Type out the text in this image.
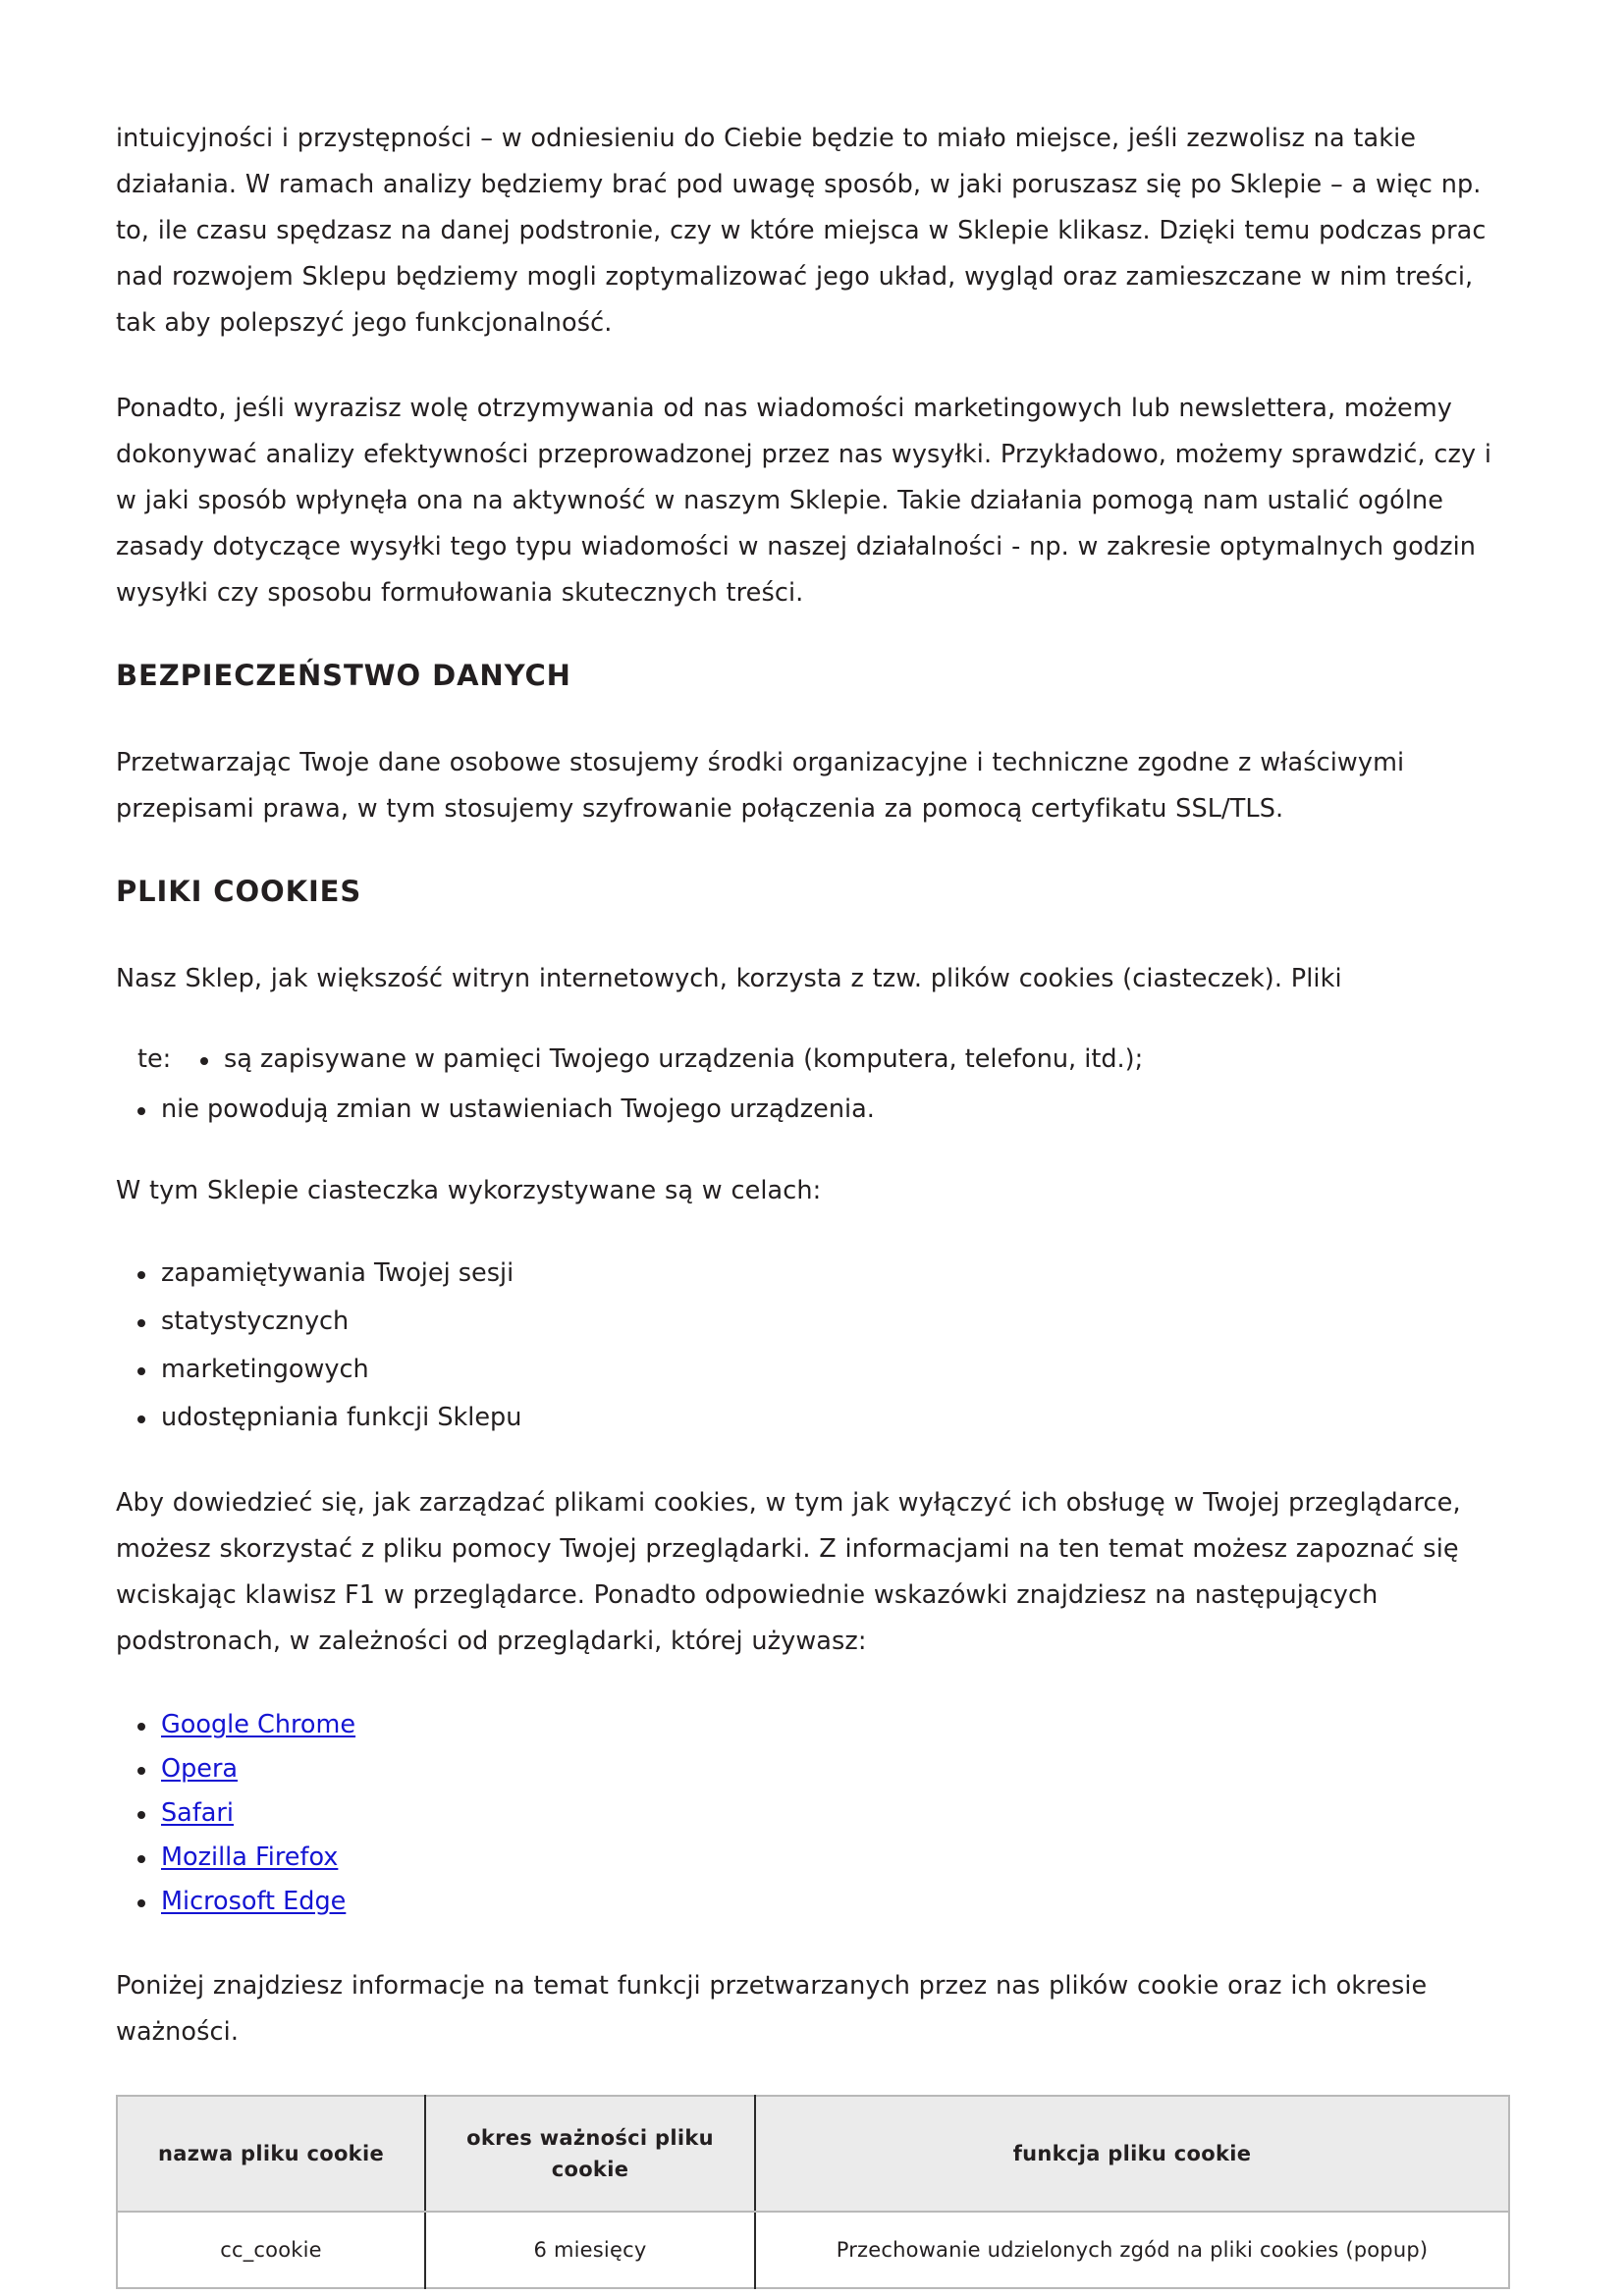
intuicyjności i przystępności – w odniesieniu do Ciebie będzie to miało miejsce, jeśli zezwolisz na takie działania. W ramach analizy będziemy brać pod uwagę sposób, w jaki poruszasz się po Sklepie – a więc np. to, ile czasu spędzasz na danej podstronie, czy w które miejsca w Sklepie klikasz. Dzięki temu podczas prac nad rozwojem Sklepu będziemy mogli zoptymalizować jego układ, wygląd oraz zamieszczane w nim treści, tak aby polepszyć jego funkcjonalność.

Ponadto, jeśli wyrazisz wolę otrzymywania od nas wiadomości marketingowych lub newslettera, możemy dokonywać analizy efektywności przeprowadzonej przez nas wysyłki. Przykładowo, możemy sprawdzić, czy i w jaki sposób wpłynęła ona na aktywność w naszym Sklepie. Takie działania pomogą nam ustalić ogólne zasady dotyczące wysyłki tego typu wiadomości w naszej działalności - np. w zakresie optymalnych godzin wysyłki czy sposobu formułowania skutecznych treści.

BEZPIECZEŃSTWO DANYCH

Przetwarzając Twoje dane osobowe stosujemy środki organizacyjne i techniczne zgodne z właściwymi przepisami prawa, w tym stosujemy szyfrowanie połączenia za pomocą certyfikatu SSL/TLS.

PLIKI COOKIES

Nasz Sklep, jak większość witryn internetowych, korzysta z tzw. plików cookies (ciasteczek). Pliki

te: są zapisywane w pamięci Twojego urządzenia (komputera, telefonu, itd.);
nie powodują zmian w ustawieniach Twojego urządzenia.

W tym Sklepie ciasteczka wykorzystywane są w celach:

zapamiętywania Twojej sesji
statystycznych
marketingowych
udostępniania funkcji Sklepu

Aby dowiedzieć się, jak zarządzać plikami cookies, w tym jak wyłączyć ich obsługę w Twojej przeglądarce, możesz skorzystać z pliku pomocy Twojej przeglądarki. Z informacjami na ten temat możesz zapoznać się wciskając klawisz F1 w przeglądarce. Ponadto odpowiednie wskazówki znajdziesz na następujących podstronach, w zależności od przeglądarki, której używasz:

Google Chrome
Opera
Safari
Mozilla Firefox
Microsoft Edge

Poniżej znajdziesz informacje na temat funkcji przetwarzanych przez nas plików cookie oraz ich okresie ważności.

nazwa pliku cookie	okres ważności pliku cookie	funkcja pliku cookie
cc_cookie	6 miesięcy	Przechowanie udzielonych zgód na pliki cookies (popup)
